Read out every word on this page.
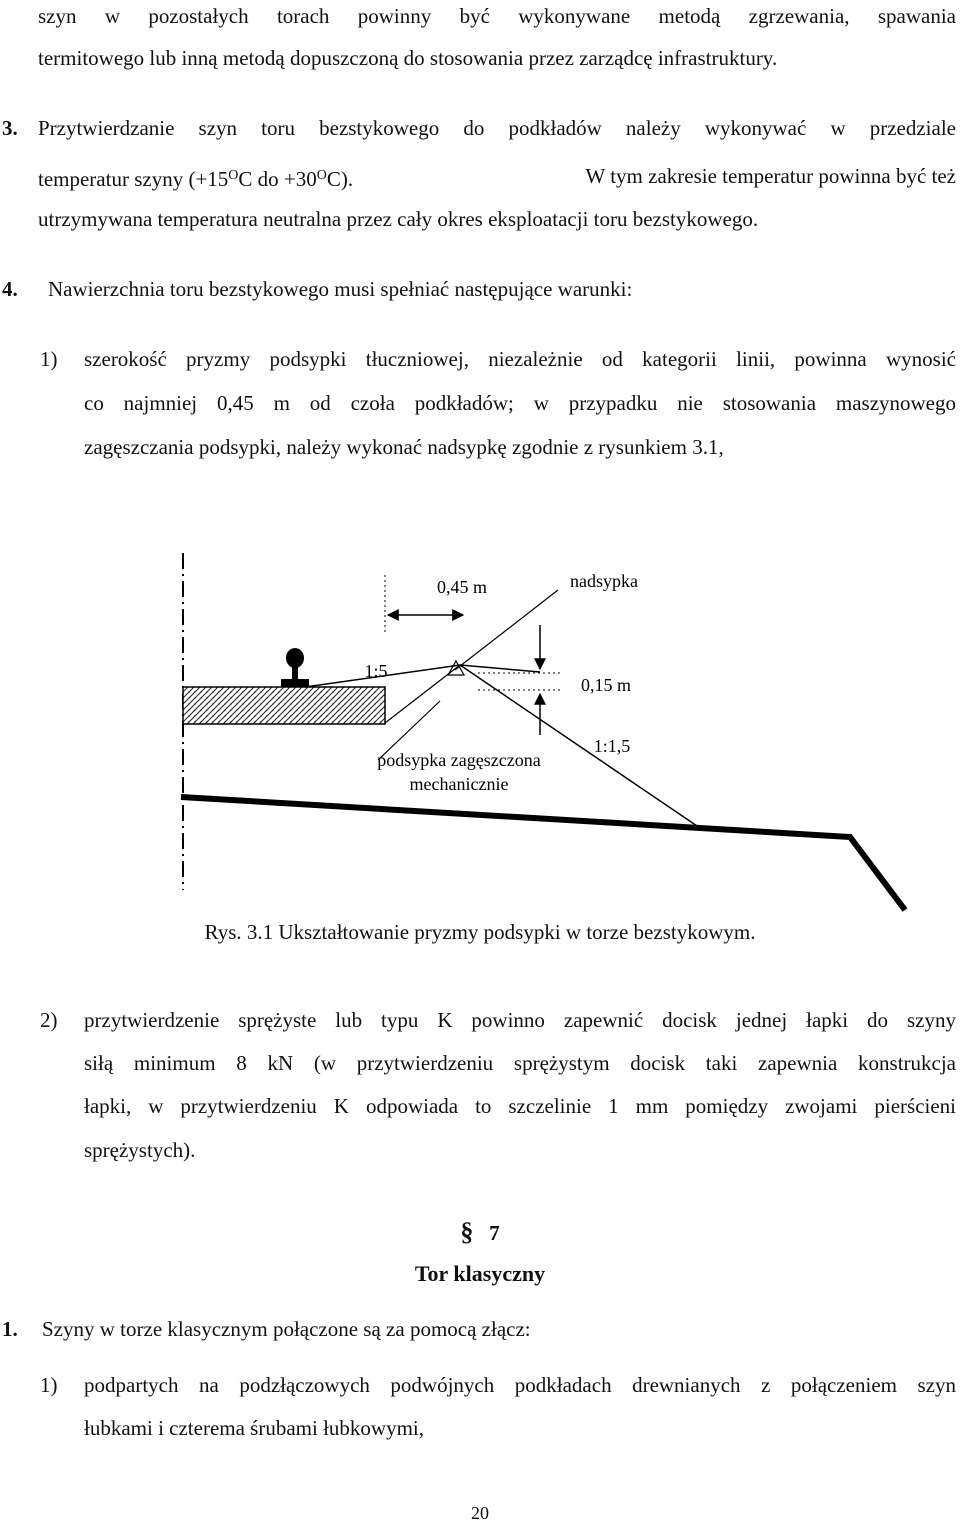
szyn w pozostałych torach powinny być wykonywane metodą zgrzewania, spawania
termitowego lub inną metodą dopuszczoną do stosowania przez zarządcę infrastruktury.
3. Przytwierdzanie szyn toru bezstykowego do podkładów należy wykonywać w przedziale
temperatur szyny ($+15^OC$ do $+30^OC$).	W tym zakresie temperatur powinna być też
utrzymywana temperatura neutralna przez cały okres eksploatacji toru bezstykowego.
4. Nawierzchnia toru bezstykowego musi spełniać następujące warunki:
1) szerokość pryzmy podsypki tłuczniowej, niezależnie od kategorii linii, powinna wynosić
co najmniej 0,45 m od czoła podkładów; w przypadku nie stosowania maszynowego
zagęszczania podsypki, należy wykonać nadsypkę zgodnie z rysunkiem 3.1,
0,45 m	nadsypka
1:5
0,15 m
1:1,5
podsypka zagęszczona
mechanicznie
Rys. 3.1 Ukształtowanie pryzmy podsypki w torze bezstykowym.
2) przytwierdzenie sprężyste lub typu K powinno zapewnić docisk jednej łapki do szyny
siłą minimum 8 kN (w przytwierdzeniu sprężystym docisk taki zapewnia konstrukcja
łapki, w przytwierdzeniu K odpowiada to szczelinie 1 mm pomiędzy zwojami pierścieni
sprężystych).
§ 7
Tor klasyczny
1. Szyny w torze klasycznym połączone są za pomocą złącz:
1) podpartych na podzłączowych podwójnych podkładach drewnianych z połączeniem szyn
łubkami i czterema śrubami łubkowymi,
20
